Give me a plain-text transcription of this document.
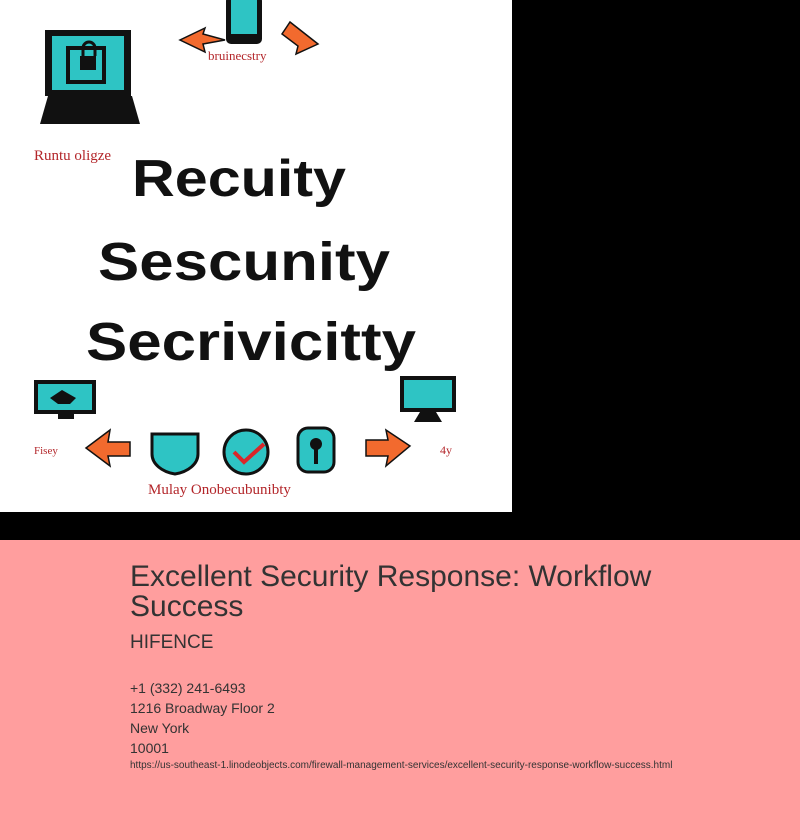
bruinecstry
Runtu oligze Recuity
Sescunity
Secrivicitty
Fisey	4y
Mulay Onobecubunibty
Excellent Security Response: Workflow Success
HIFENCE
+1 (332) 241-6493
1216 Broadway Floor 2
New York
10001
https://us-southeast-1.linodeobjects.com/firewall-management-services/excellent-security-response-workflow-success.html
